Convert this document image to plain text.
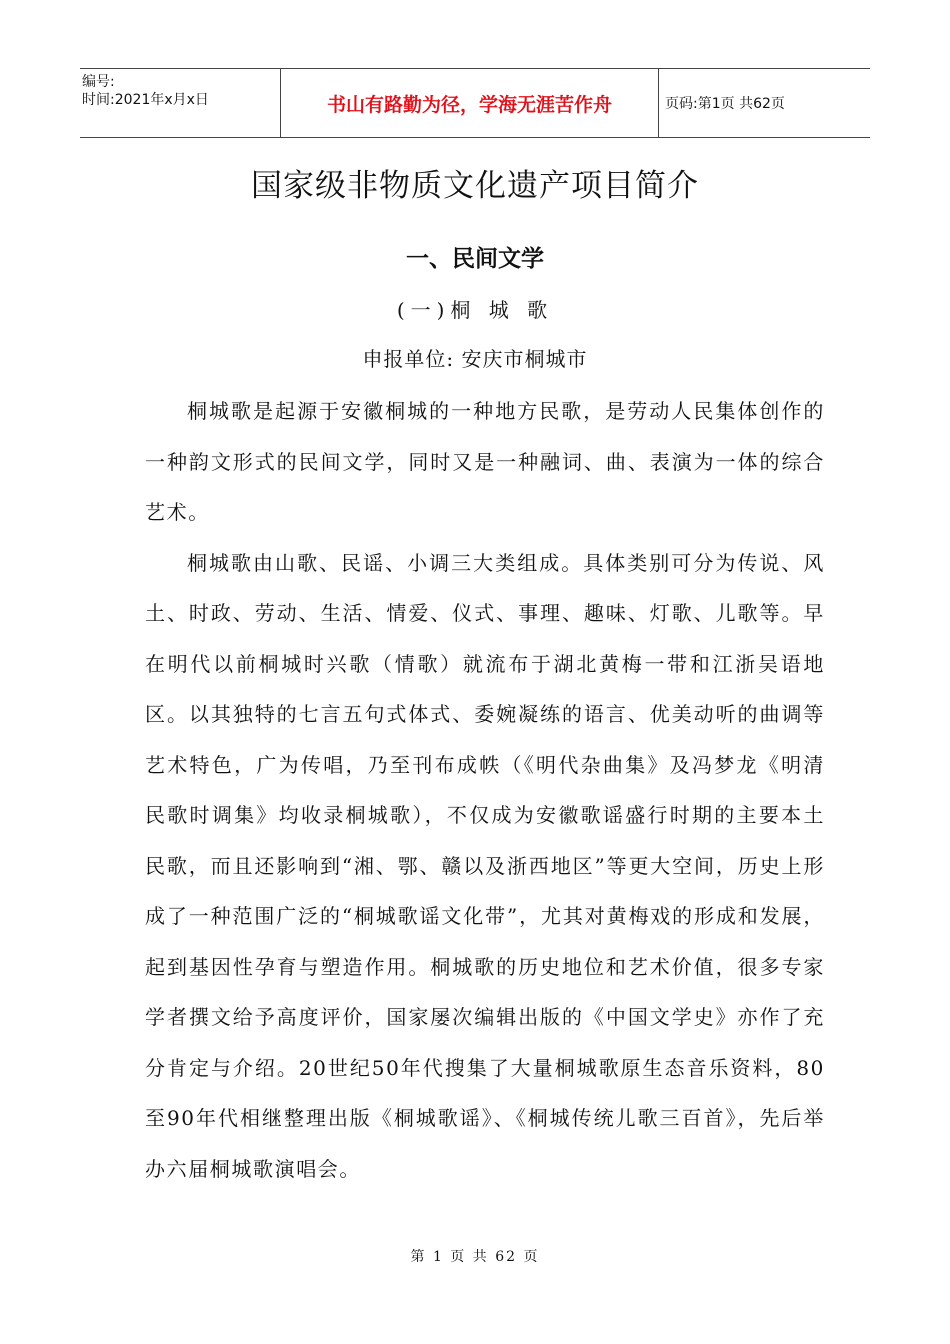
编号:
时间:2021年x月x日	书山有路勤为径，学海无涯苦作舟	页码:第1页 共62页
国家级非物质文化遗产项目简介
一、民间文学
(一)桐 城 歌
申报单位: 安庆市桐城市

桐城歌是起源于安徽桐城的一种地方民歌，是劳动人民集体创作的一种韵文形式的民间文学，同时又是一种融词、曲、表演为一体的综合艺术。

桐城歌由山歌、民谣、小调三大类组成。具体类别可分为传说、风土、时政、劳动、生活、情爱、仪式、事理、趣味、灯歌、儿歌等。早在明代以前桐城时兴歌（情歌）就流布于湖北黄梅一带和江浙吴语地区。以其独特的七言五句式体式、委婉凝练的语言、优美动听的曲调等艺术特色，广为传唱，乃至刊布成帙（《明代杂曲集》及冯梦龙《明清民歌时调集》均收录桐城歌），不仅成为安徽歌谣盛行时期的主要本土民歌，而且还影响到“湘、鄂、赣以及浙西地区”等更大空间，历史上形成了一种范围广泛的“桐城歌谣文化带”，尤其对黄梅戏的形成和发展，起到基因性孕育与塑造作用。桐城歌的历史地位和艺术价值，很多专家学者撰文给予高度评价，国家屡次编辑出版的《中国文学史》亦作了充分肯定与介绍。20世纪50年代搜集了大量桐城歌原生态音乐资料，80至90年代相继整理出版《桐城歌谣》、《桐城传统儿歌三百首》，先后举办六届桐城歌演唱会。

第 1 页 共 62 页
